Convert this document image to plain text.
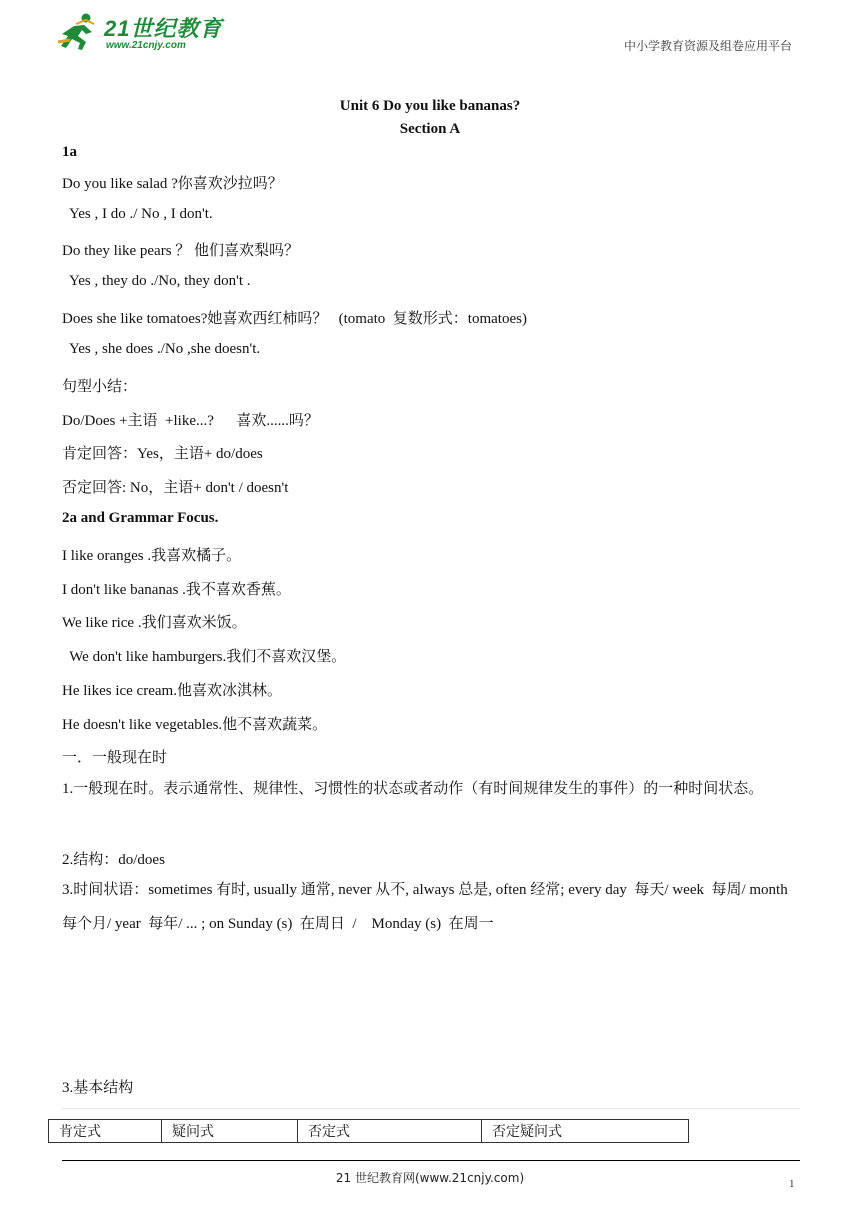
21世纪教育
www.21cnjy.com	中小学教育资源及组卷应用平台
Unit 6 Do you like bananas?
Section A
1a
Do you like salad ?你喜欢沙拉吗？
Yes , I do ./ No , I don't.
Do they like pears ？ 他们喜欢梨吗？
Yes , they do ./No, they don't .
Does she like tomatoes?她喜欢西红柿吗？   (tomato  复数形式：tomatoes)
Yes , she does ./No ,she doesn't.
句型小结：
Do/Does +主语  +like...?      喜欢......吗？
肯定回答：Yes，主语+ do/does
否定回答: No，主语+ don't / doesn't
2a and Grammar Focus.
I like oranges .我喜欢橘子。
I don't like bananas .我不喜欢香蕉。
We like rice .我们喜欢米饭。
We don't like hamburgers.我们不喜欢汉堡。
He likes ice cream.他喜欢冰淇林。
He doesn't like vegetables.他不喜欢蔬菜。
一．一般现在时
1.一般现在时。表示通常性、规律性、习惯性的状态或者动作（有时间规律发生的事件）的一种时间状态。
2.结构：do/does
3.时间状语：sometimes 有时, usually 通常, never 从不, always 总是, often 经常; every day  每天/ week  每周/ month  每个月/ year  每年/ ... ; on Sunday (s)  在周日  /    Monday (s)  在周一
3.基本结构
肯定式	疑问式	否定式	否定疑问式
21 世纪教育网(www.21cnjy.com)	1
